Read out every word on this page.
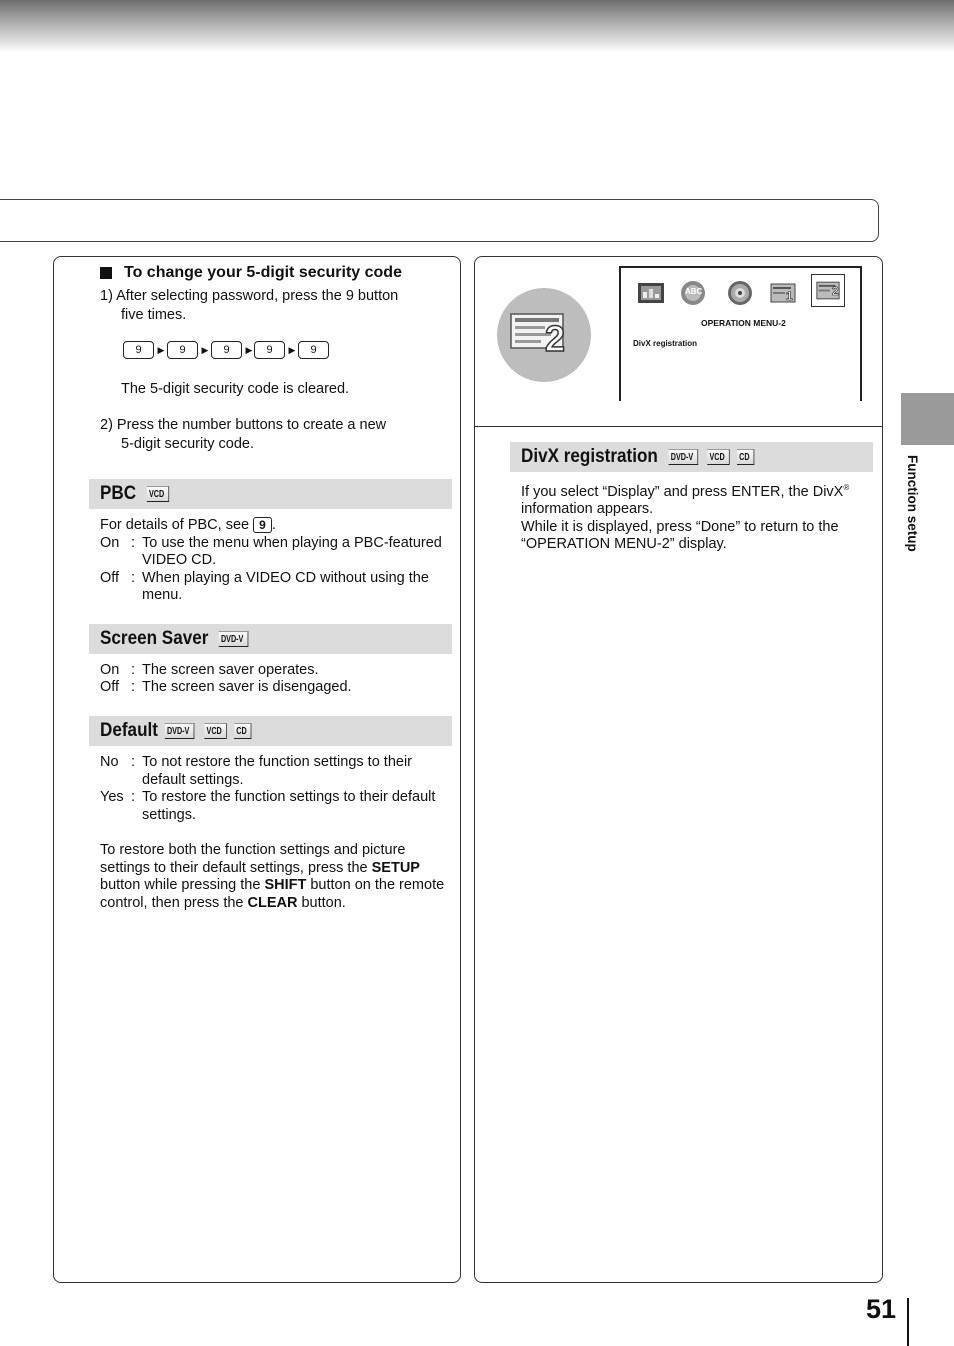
To change your 5-digit security code
1) After selecting password, press the 9 button
five times.
9	▶	9	▶	9	▶	9	▶	9
The 5-digit security code is cleared.
2) Press the number buttons to create a new
5-digit security code.
PBC VCD
For details of PBC, see 9 .
On : To use the menu when playing a PBC-featured
VIDEO CD.
Off : When playing a VIDEO CD without using the
menu.
Screen Saver DVD-V
On : The screen saver operates.
Off : The screen saver is disengaged.
Default DVD-V	VCD	CD
No : To not restore the function settings to their
default settings.
Yes : To restore the function settings to their default
settings.
To restore both the function settings and picture
settings to their default settings, press the SETUP
button while pressing the SHIFT button on the remote
control, then press the CLEAR button.
2
ABC	1	2
OPERATION MENU-2
DivX registration
DivX registration DVD-V	VCD	CD
If you select “Display” and press ENTER, the DivX®
information appears.
While it is displayed, press “Done” to return to the
“OPERATION MENU-2” display.	Function setup
51
